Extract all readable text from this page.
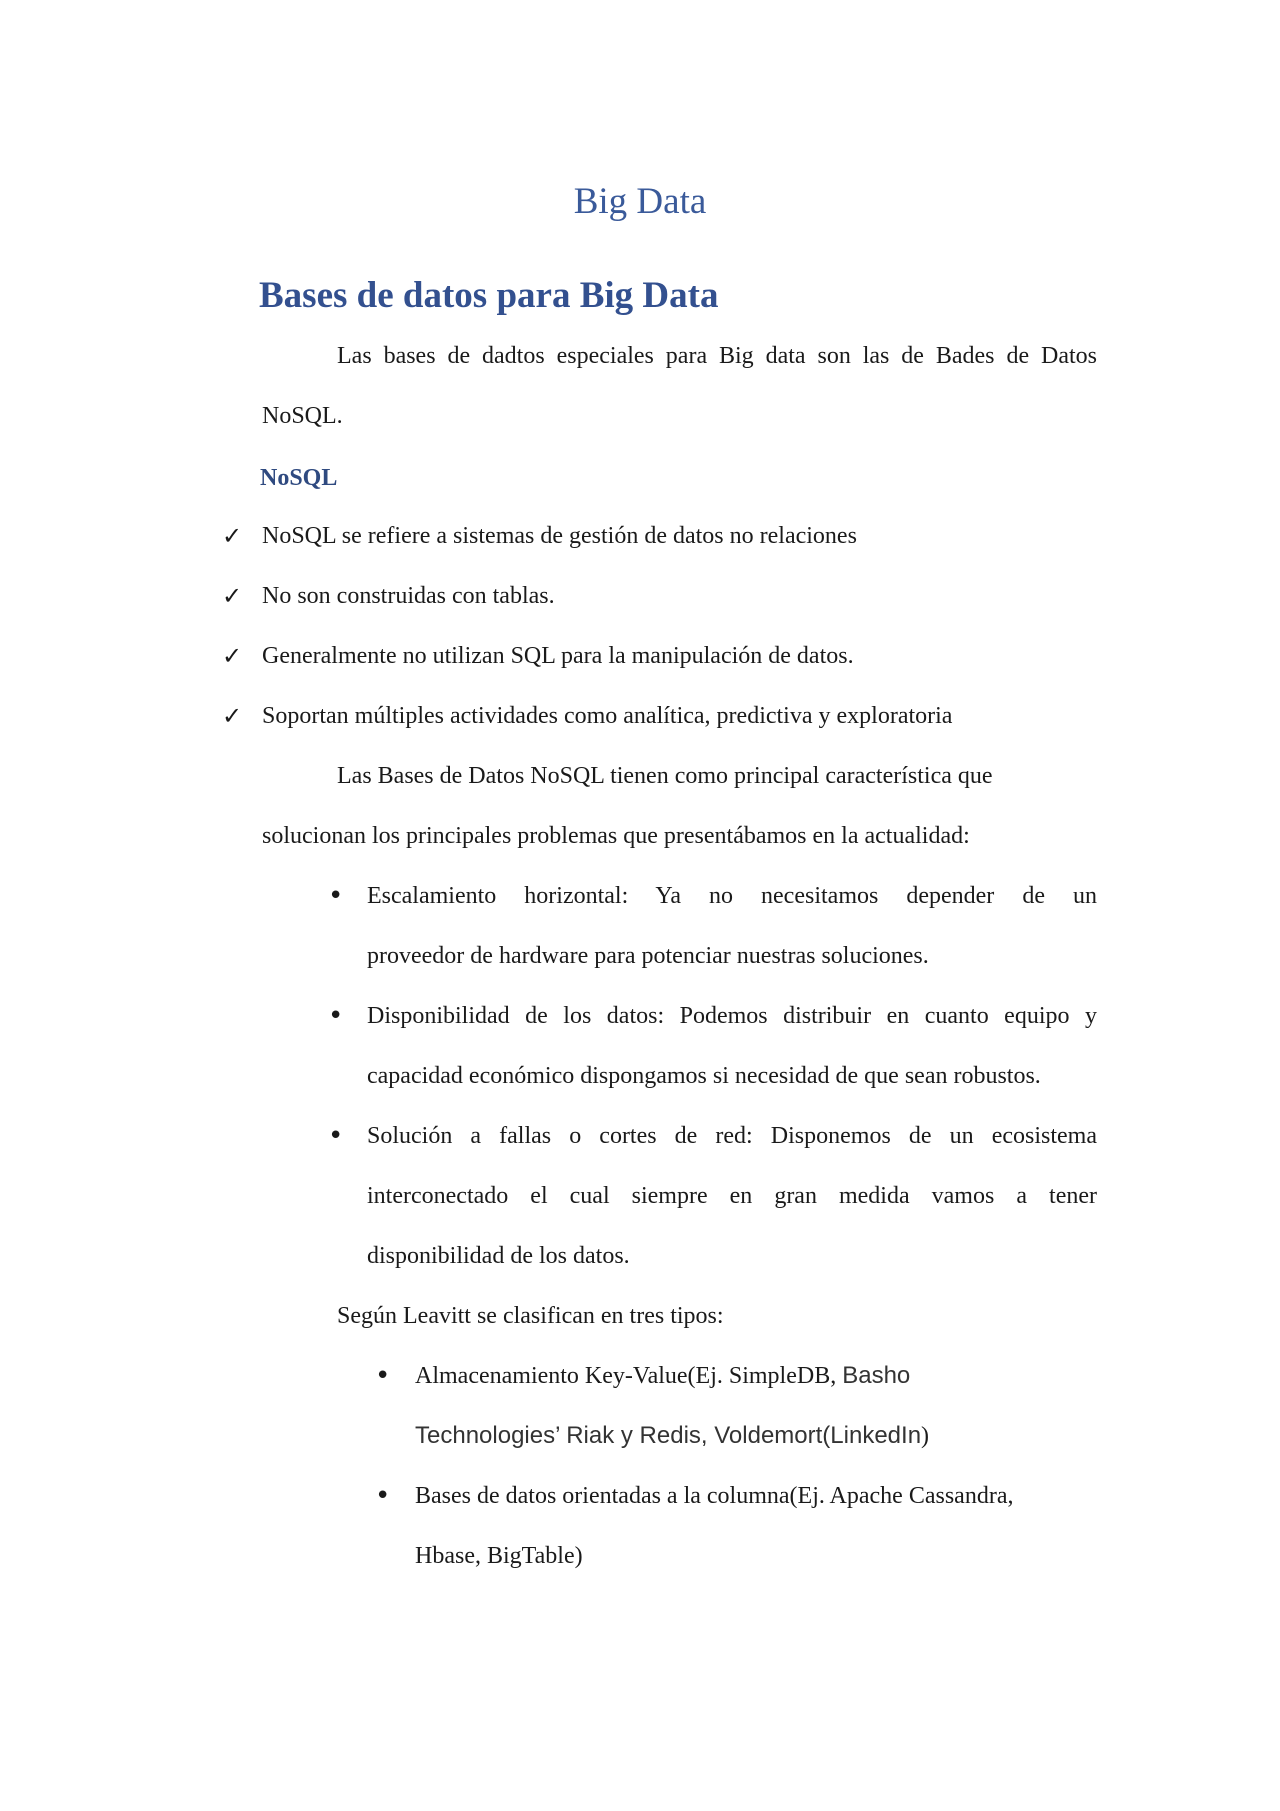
Big Data
Bases de datos para Big Data

Las bases de dadtos especiales para Big data son las de Bades de Datos

NoSQL.

NoSQL
✓ NoSQL se refiere a sistemas de gestión de datos no relaciones

✓ No son construidas con tablas.

✓ Generalmente no utilizan SQL para la manipulación de datos.

✓ Soportan múltiples actividades como analítica, predictiva y exploratoria

Las Bases de Datos NoSQL tienen como principal característica que

solucionan los principales problemas que presentábamos en la actualidad:

• Escalamiento horizontal: Ya no necesitamos depender de un

proveedor de hardware para potenciar nuestras soluciones.

• Disponibilidad de los datos: Podemos distribuir en cuanto equipo y

capacidad económico dispongamos si necesidad de que sean robustos.

• Solución a fallas o cortes de red: Disponemos de un ecosistema

interconectado el cual siempre en gran medida vamos a tener

disponibilidad de los datos.

Según Leavitt se clasifican en tres tipos:

• Almacenamiento Key-Value(Ej. SimpleDB, Basho

Technologies’ Riak y Redis, Voldemort(LinkedIn)

• Bases de datos orientadas a la columna(Ej. Apache Cassandra,

Hbase, BigTable)
